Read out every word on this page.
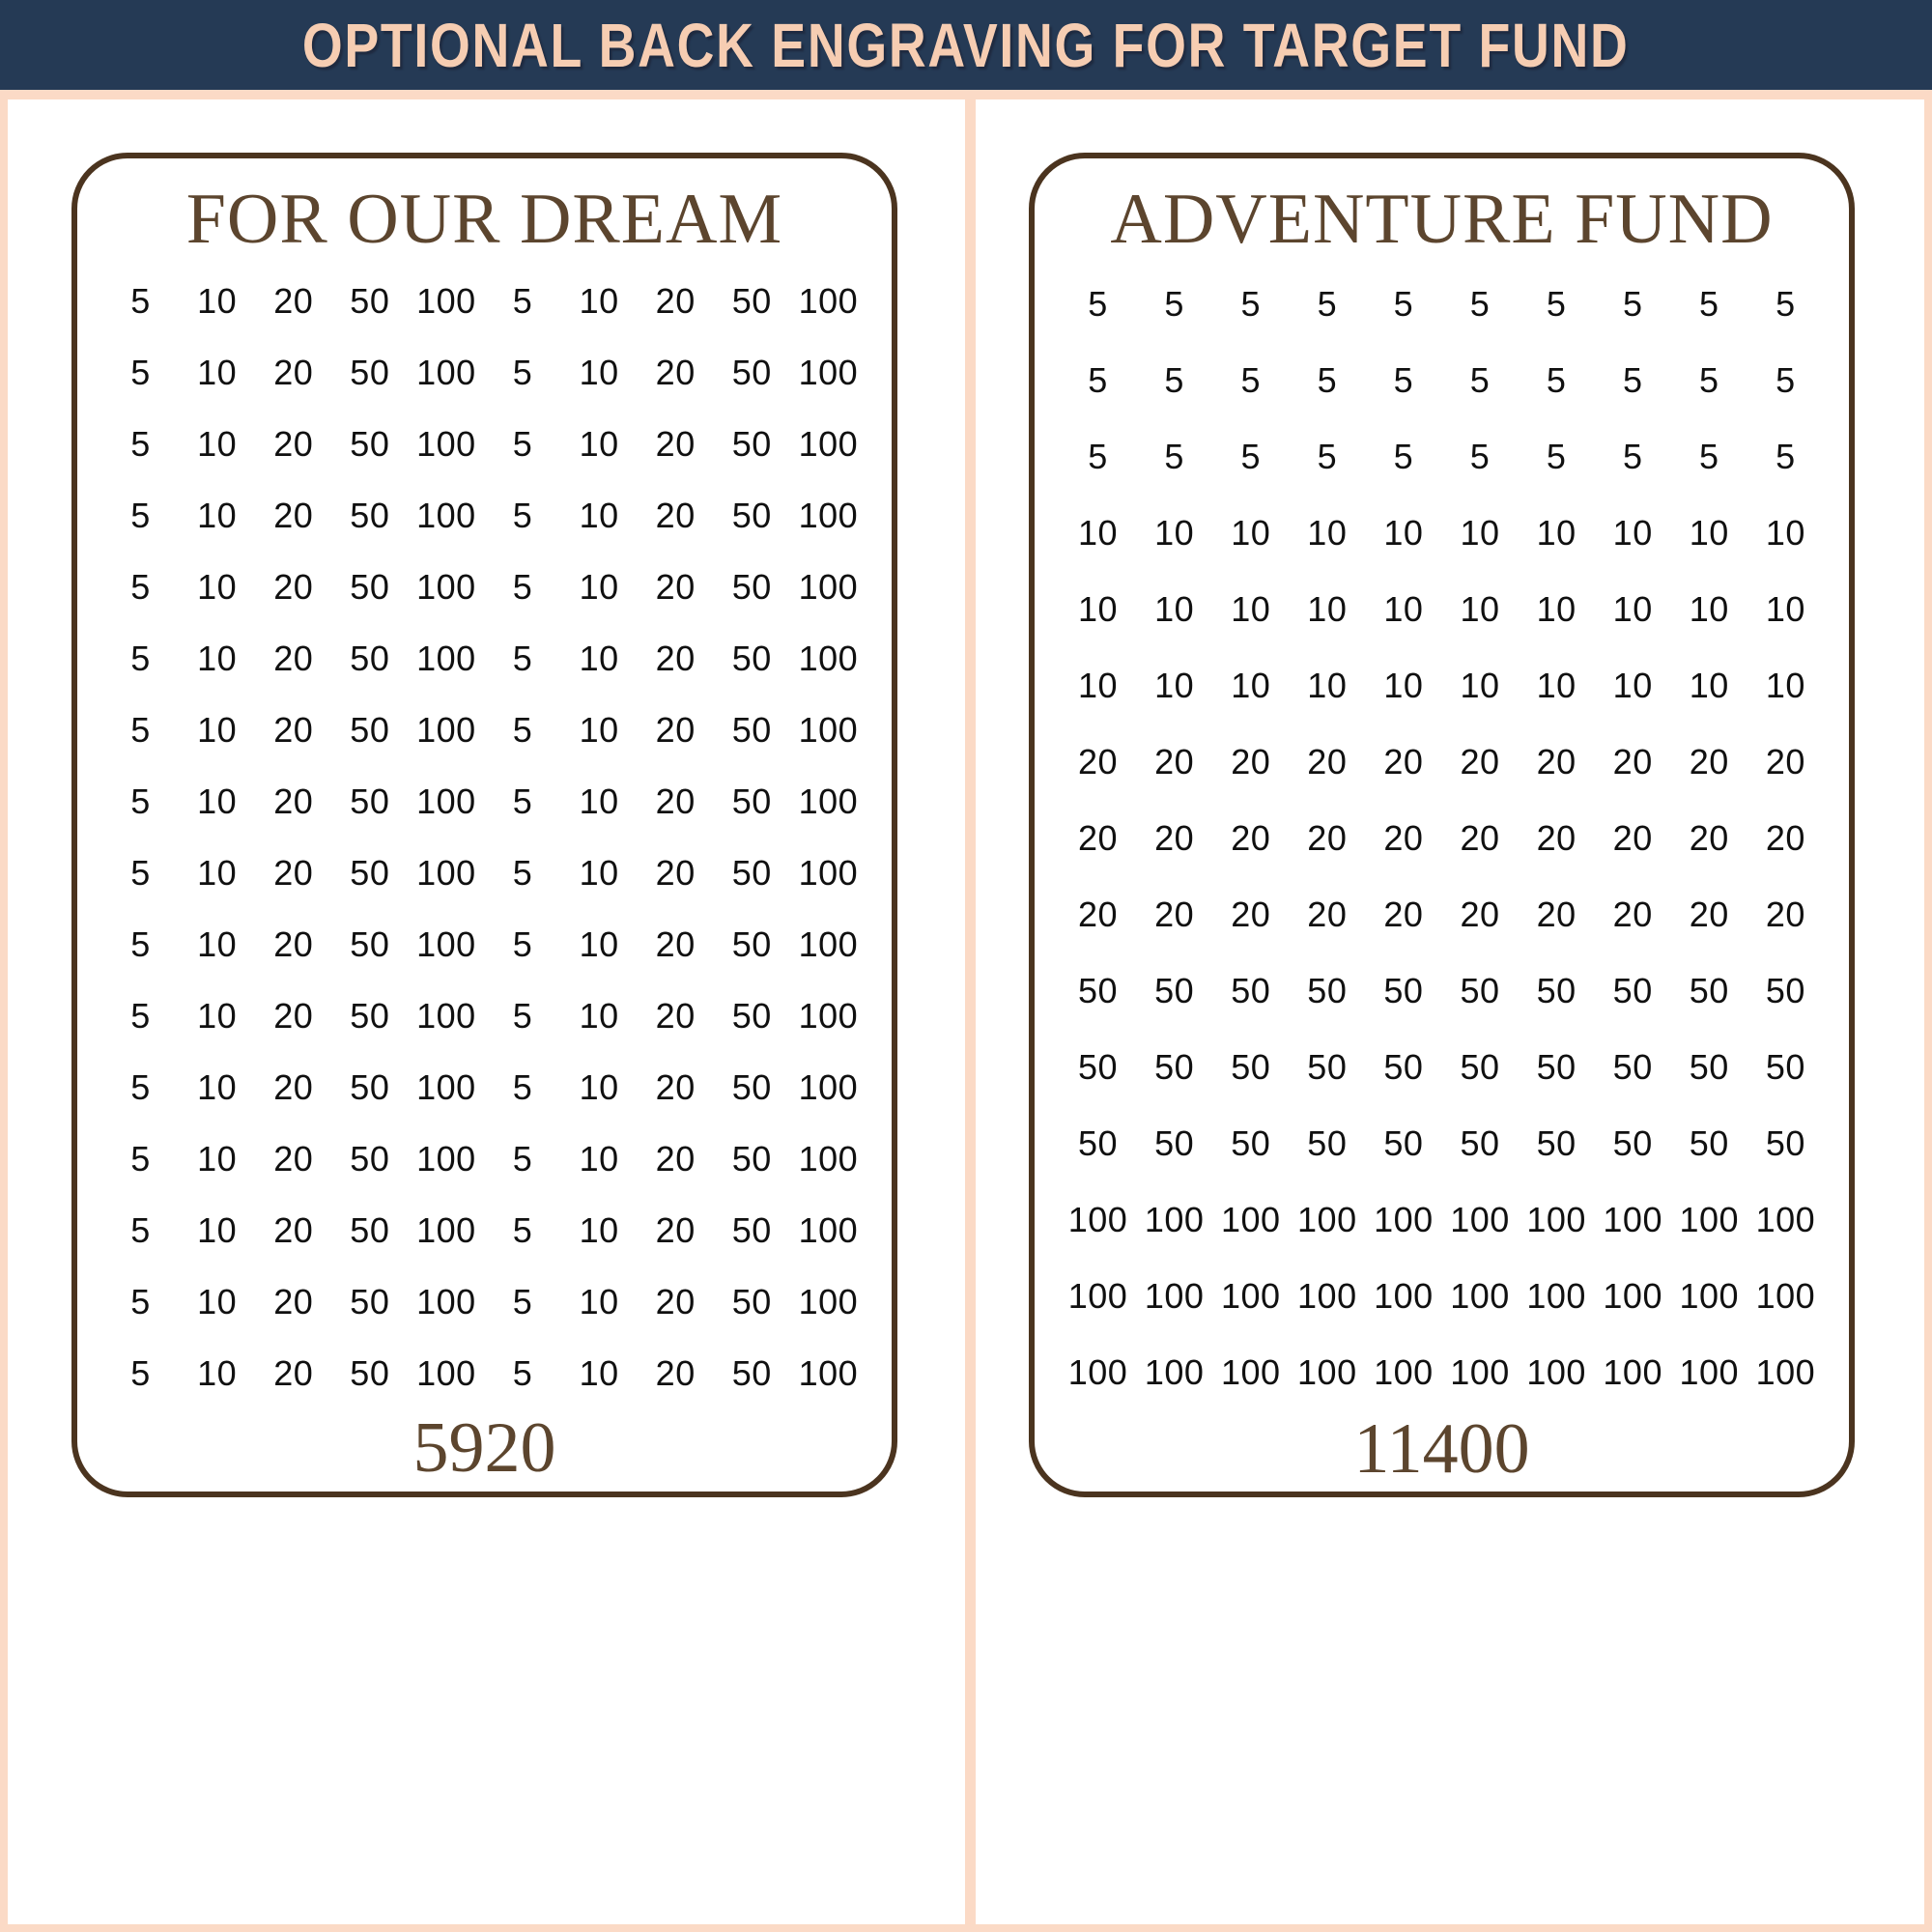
OPTIONAL BACK ENGRAVING FOR TARGET FUND
FOR OUR DREAM
5	10	20	50 100	5	10	20	50 100
5	10	20	50 100	5	10	20	50 100
5	10	20	50 100	5	10	20	50 100
5	10	20	50 100	5	10	20	50 100
5	10	20	50 100	5	10	20	50 100
5	10	20	50 100	5	10	20	50 100
5	10	20	50 100	5	10	20	50 100
5	10	20	50 100	5	10	20	50 100
5	10	20	50 100	5	10	20	50 100
5	10	20	50 100	5	10	20	50 100
5	10	20	50 100	5	10	20	50 100
5	10	20	50 100	5	10	20	50 100
5	10	20	50 100	5	10	20	50 100
5	10	20	50 100	5	10	20	50 100
5	10	20	50 100	5	10	20	50 100
5	10	20	50 100	5	10	20	50 100
5920
ADVENTURE FUND
5	5	5	5	5	5	5	5	5	5
5	5	5	5	5	5	5	5	5	5
5	5	5	5	5	5	5	5	5	5
10	10	10	10	10	10	10	10	10	10
10	10	10	10	10	10	10	10	10	10
10	10	10	10	10	10	10	10	10	10
20	20	20	20	20	20	20	20	20	20
20	20	20	20	20	20	20	20	20	20
20	20	20	20	20	20	20	20	20	20
50	50	50	50	50	50	50	50	50	50
50	50	50	50	50	50	50	50	50	50
50	50	50	50	50	50	50	50	50	50
100 100 100 100 100 100 100 100 100 100
100 100 100 100 100 100 100 100 100 100
100 100 100 100 100 100 100 100 100 100
11400
